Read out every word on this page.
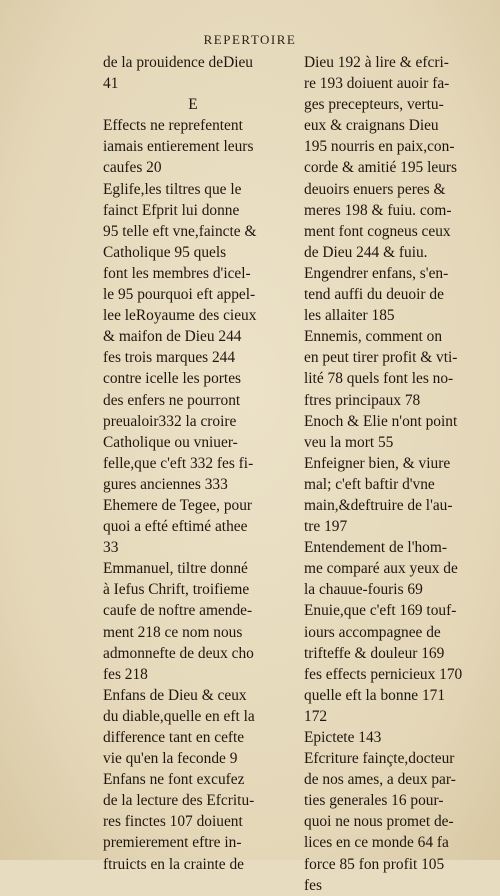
REPERTOIRE
de la prouidence deDieu
41
E
Effects ne reprefentent
iamais entierement leurs
caufes 20
Eglife,les tiltres que le
fainct Efprit lui donne
95 telle eft vne,faincte &
Catholique 95 quels
font les membres d'icel-
le 95 pourquoi eft appel-
lee leRoyaume des cieux
& maifon de Dieu 244
fes trois marques 244
contre icelle les portes
des enfers ne pourront
preualoir332 la croire
Catholique ou vniuer-
felle,que c'eft 332 fes fi-
gures anciennes 333
Ehemere de Tegee, pour
quoi a efté eftimé athee
33
Emmanuel, tiltre donné
à Iefus Chrift, troifieme
caufe de noftre amende-
ment 218 ce nom nous
admonnefte de deux cho
fes 218
Enfans de Dieu & ceux
du diable,quelle en eft la
difference tant en cefte
vie qu'en la feconde 9
Enfans ne font excufez
de la lecture des Efcritu-
res finctes 107 doiuent
premierement eftre in-
ftruicts en la crainte de
Dieu 192 à lire & efcri-
re 193 doiuent auoir fa-
ges precepteurs, vertu-
eux & craignans Dieu
195 nourris en paix,con-
corde & amitié 195 leurs
deuoirs enuers peres &
meres 198 & fuiu. com-
ment font cogneus ceux
de Dieu 244 & fuiu.
Engendrer enfans, s'en-
tend auffi du deuoir de
les allaiter 185
Ennemis, comment on
en peut tirer profit & vti-
lité 78 quels font les no-
ftres principaux 78
Enoch & Elie n'ont point
veu la mort 55
Enfeigner bien, & viure
mal; c'eft baftir d'vne
main,&deftruire de l'au-
tre 197
Entendement de l'hom-
me comparé aux yeux de
la chauue-fouris 69
Enuie,que c'eft 169 touf-
iours accompagnee de
trifteffe & douleur 169
fes effects pernicieux 170
quelle eft la bonne 171
172
Epictete 143
Efcriture fainçte,docteur
de nos ames, a deux par-
ties generales 16 pour-
quoi ne nous promet de-
lices en ce monde 64 fa
force 85 fon profit 105
fes
